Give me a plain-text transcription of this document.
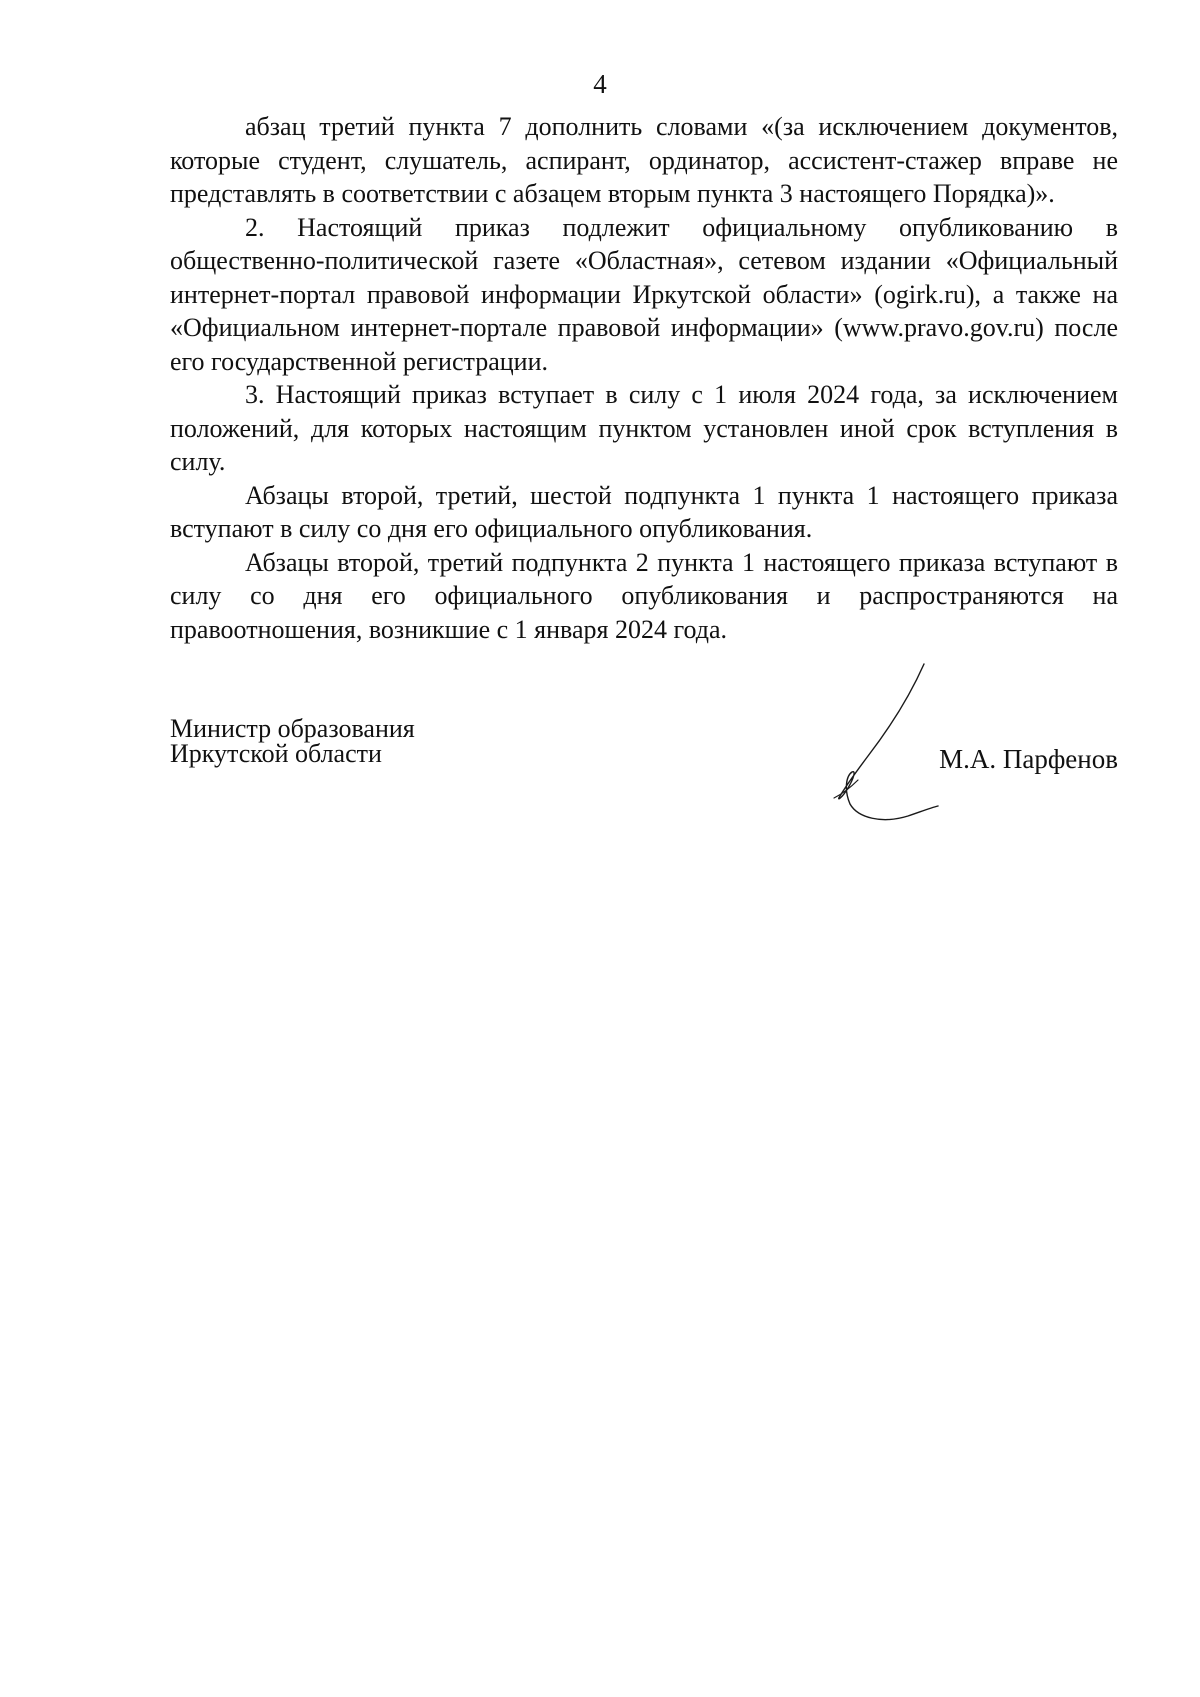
4

абзац третий пункта 7 дополнить словами «(за исключением документов, которые студент, слушатель, аспирант, ординатор, ассистент-стажер вправе не представлять в соответствии с абзацем вторым пункта 3 настоящего Порядка)».

2. Настоящий приказ подлежит официальному опубликованию в общественно-политической газете «Областная», сетевом издании «Официальный интернет-портал правовой информации Иркутской области» (ogirk.ru), а также на «Официальном интернет-портале правовой информации» (www.pravo.gov.ru) после его государственной регистрации.

3. Настоящий приказ вступает в силу с 1 июля 2024 года, за исключением положений, для которых настоящим пунктом установлен иной срок вступления в силу.

Абзацы второй, третий, шестой подпункта 1 пункта 1 настоящего приказа вступают в силу со дня его официального опубликования.

Абзацы второй, третий подпункта 2 пункта 1 настоящего приказа вступают в силу со дня его официального опубликования и распространяются на правоотношения, возникшие с 1 января 2024 года.

Министр образования
Иркутской области	М.А. Парфенов
